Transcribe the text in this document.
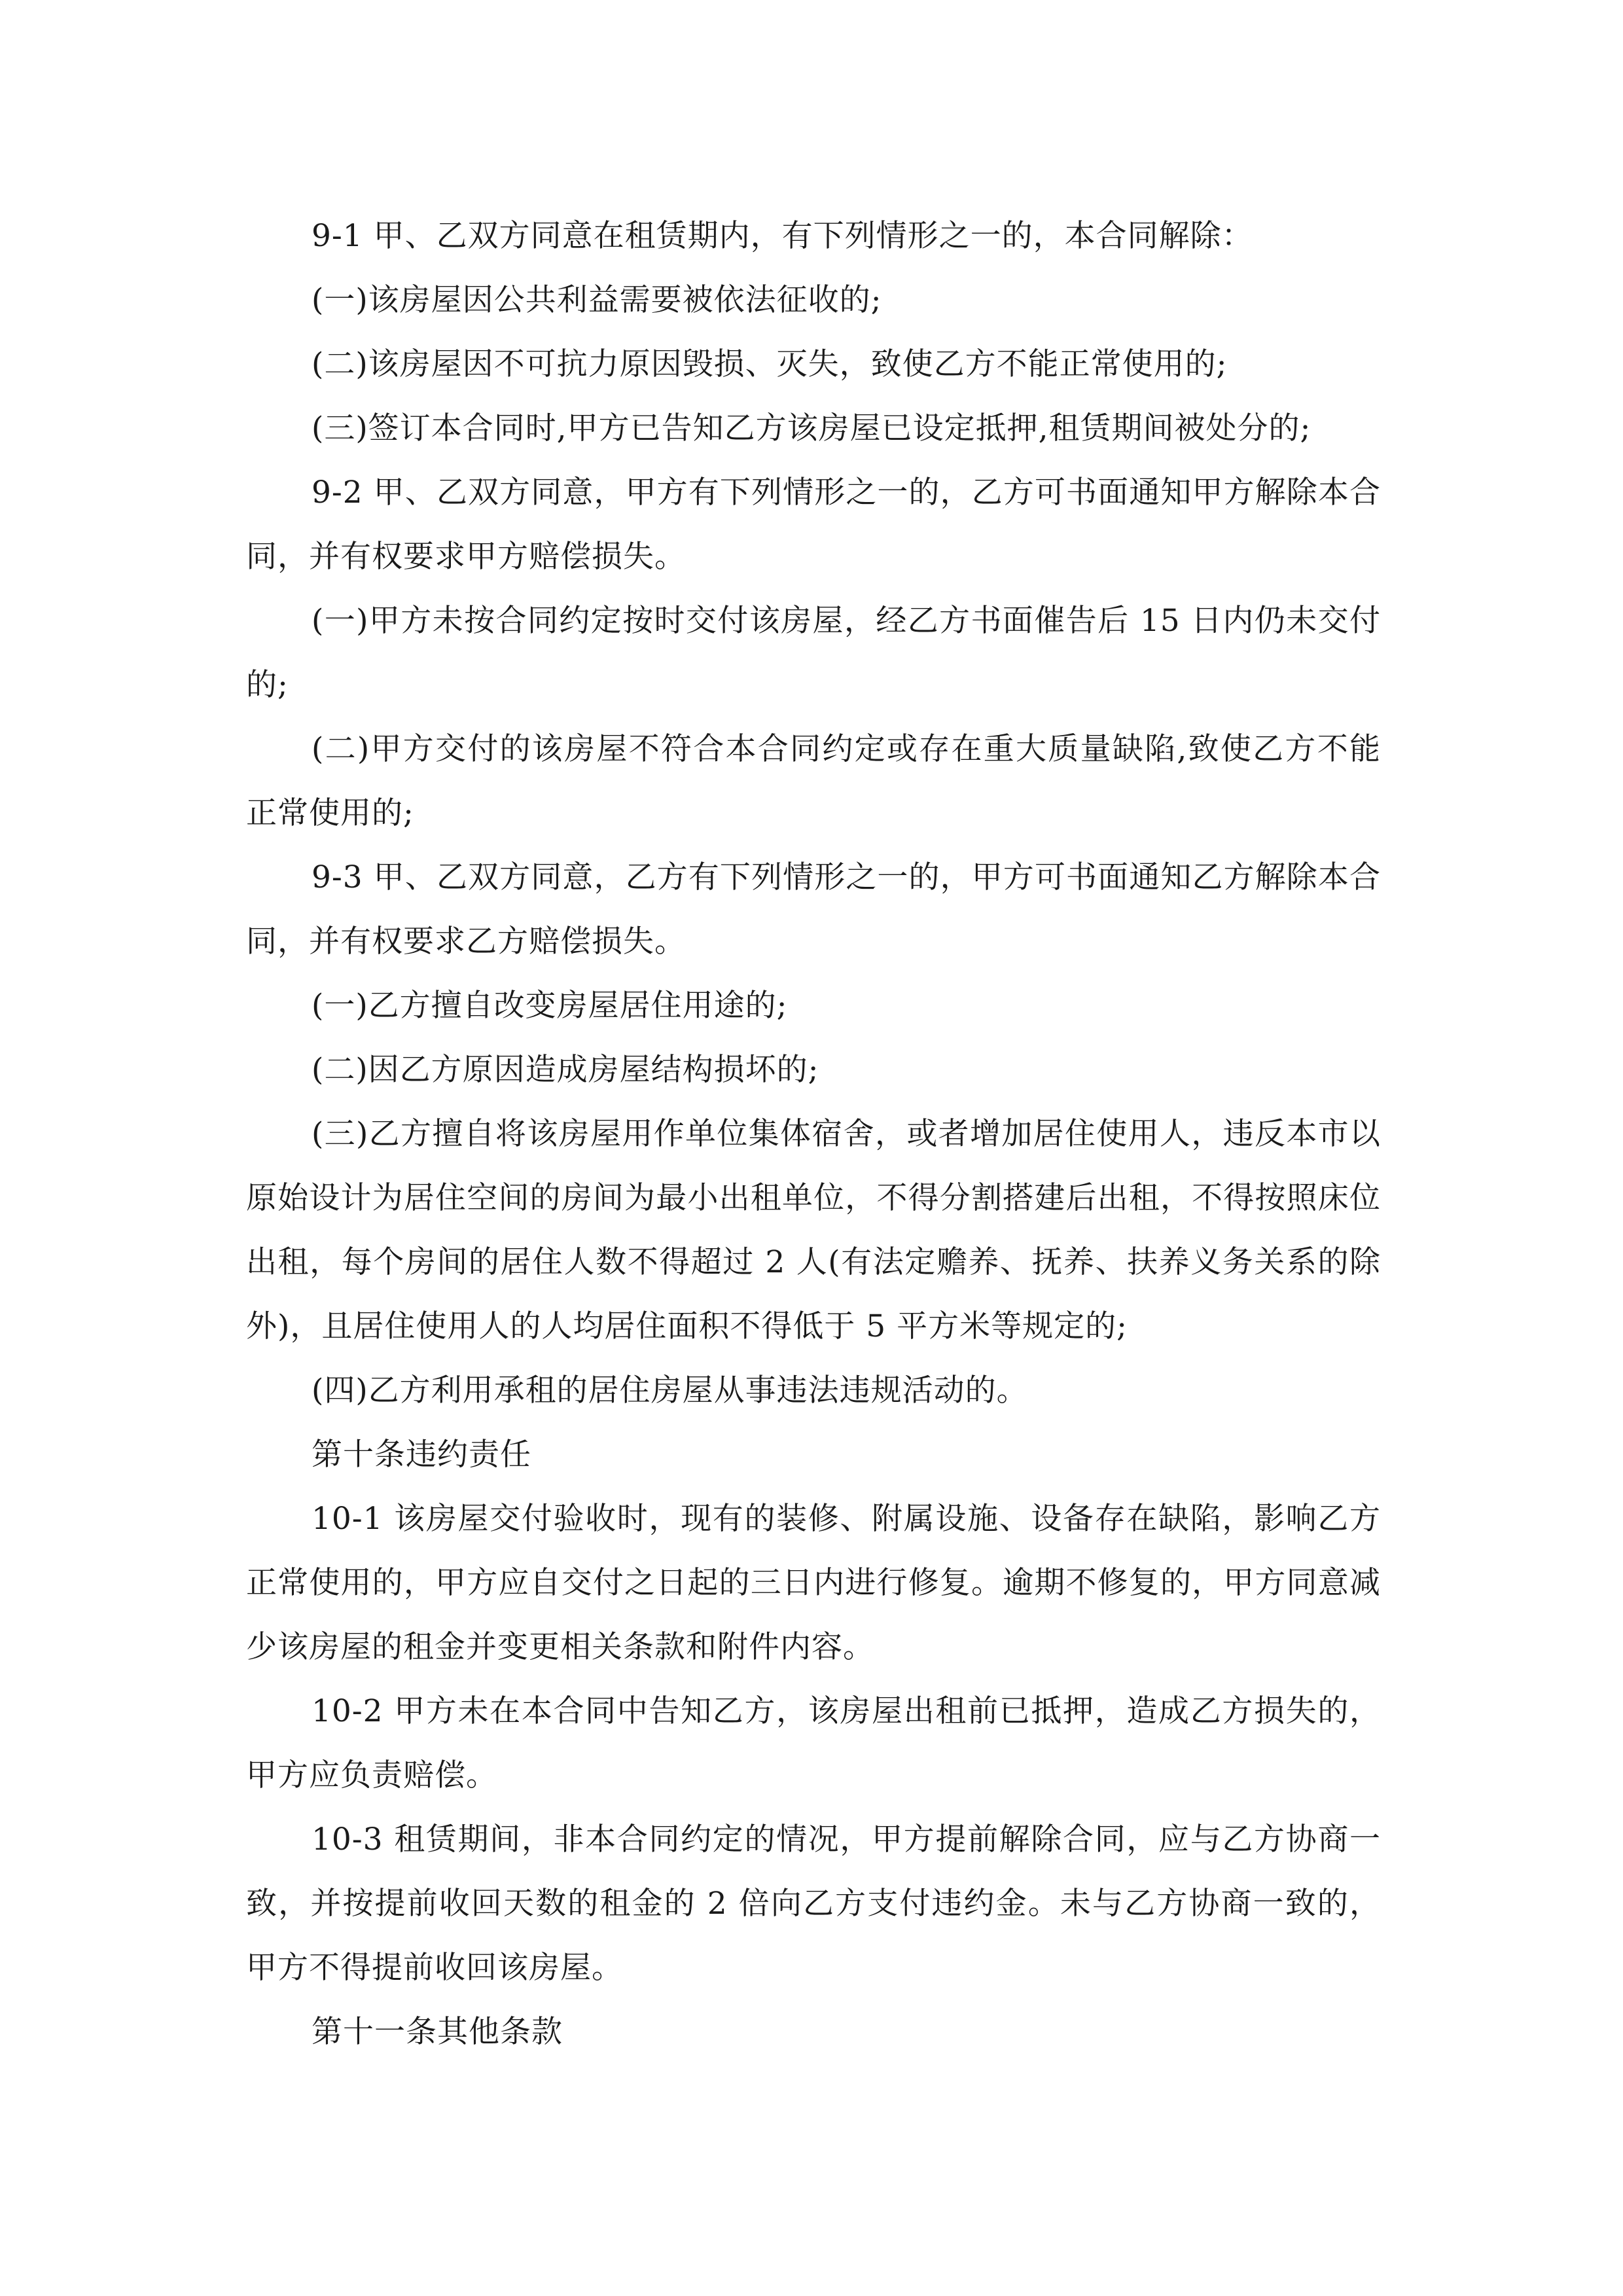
9-1 甲、乙双方同意在租赁期内，有下列情形之一的，本合同解除：

(一)该房屋因公共利益需要被依法征收的;

(二)该房屋因不可抗力原因毁损、灭失，致使乙方不能正常使用的;

(三)签订本合同时,甲方已告知乙方该房屋已设定抵押,租赁期间被处分的;

9-2 甲、乙双方同意，甲方有下列情形之一的，乙方可书面通知甲方解除本合同，并有权要求甲方赔偿损失。

(一)甲方未按合同约定按时交付该房屋，经乙方书面催告后 15 日内仍未交付的;

(二)甲方交付的该房屋不符合本合同约定或存在重大质量缺陷,致使乙方不能正常使用的;

9-3 甲、乙双方同意，乙方有下列情形之一的，甲方可书面通知乙方解除本合同，并有权要求乙方赔偿损失。

(一)乙方擅自改变房屋居住用途的;

(二)因乙方原因造成房屋结构损坏的;

(三)乙方擅自将该房屋用作单位集体宿舍，或者增加居住使用人，违反本市以原始设计为居住空间的房间为最小出租单位，不得分割搭建后出租，不得按照床位出租，每个房间的居住人数不得超过 2 人(有法定赡养、抚养、扶养义务关系的除外)，且居住使用人的人均居住面积不得低于 5 平方米等规定的;

(四)乙方利用承租的居住房屋从事违法违规活动的。

第十条违约责任

10-1 该房屋交付验收时，现有的装修、附属设施、设备存在缺陷，影响乙方正常使用的，甲方应自交付之日起的三日内进行修复。逾期不修复的，甲方同意减少该房屋的租金并变更相关条款和附件内容。

10-2 甲方未在本合同中告知乙方，该房屋出租前已抵押，造成乙方损失的，甲方应负责赔偿。

10-3 租赁期间，非本合同约定的情况，甲方提前解除合同，应与乙方协商一致，并按提前收回天数的租金的 2 倍向乙方支付违约金。未与乙方协商一致的，甲方不得提前收回该房屋。

第十一条其他条款
